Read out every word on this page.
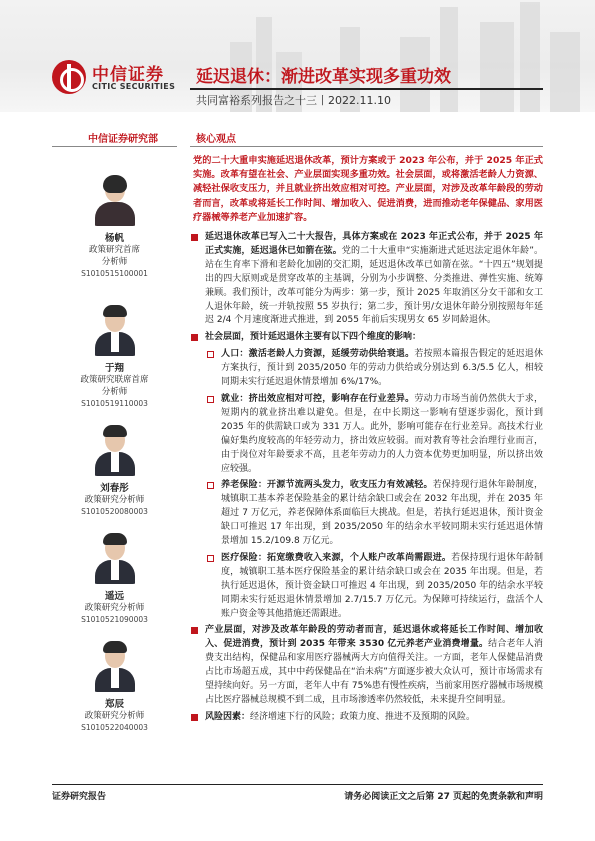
中信证券
CITIC SECURITIES 延迟退休：渐进改革实现多重功效
共同富裕系列报告之十三丨2022.11.10
中信证券研究部
杨帆
政策研究首席
分析师
S1010515100001
于翔
政策研究联席首席
分析师
S1010519110003
刘春彤
政策研究分析师
S1010520080003
遥远
政策研究分析师
S1010521090003
郑辰
政策研究分析师
S1010522040003
核心观点
党的二十大重申实施延迟退休改革，预计方案或于 2023 年公布，并于 2025 年正式实施。改革有望在社会、产业层面实现多重功效。社会层面，或将激活老龄人力资源、减轻社保收支压力，并且就业挤出效应相对可控。产业层面，对涉及改革年龄段的劳动者而言，改革或将延长工作时间、增加收入、促进消费，进而推动老年保健品、家用医疗器械等养老产业加速扩容。
延迟退休改革已写入二十大报告，具体方案或在 2023 年正式公布，并于 2025 年正式实施，延迟退休已如箭在弦。党的二十大重申“实施渐进式延迟法定退休年龄”。站在生育率下滑和老龄化加剧的交汇期，延迟退休改革已如箭在弦。“十四五”规划提出的四大原则或是贯穿改革的主基调，分别为小步调整、分类推进、弹性实施、统筹兼顾。我们预计，改革可能分为两步：第一步，预计 2025 年取消区分女干部和女工人退休年龄，统一并轨按照 55 岁执行；第二步，预计男/女退休年龄分别按照每年延迟 2/4 个月速度渐进式推进，到 2055 年前后实现男女 65 岁同龄退休。
社会层面，预计延迟退休主要有以下四个维度的影响：
人口：激活老龄人力资源，延缓劳动供给衰退。若按照本篇报告假定的延迟退休方案执行，预计到 2035/2050 年的劳动力供给或分别达到 6.3/5.5 亿人，相较同期未实行延迟退休情景增加 6%/17%。
就业：挤出效应相对可控，影响存在行业差异。劳动力市场当前仍然供大于求，短期内的就业挤出难以避免。但是，在中长期这一影响有望逐步弱化，预计到 2035 年的供需缺口或为 331 万人。此外，影响可能存在行业差异。高技术行业偏好集约度较高的年轻劳动力，挤出效应较弱。而对教育等社会治理行业而言，由于岗位对年龄要求不高，且老年劳动力的人力资本优势更加明显，所以挤出效应较强。
养老保险：开源节流两头发力，收支压力有效减轻。若保持现行退休年龄制度，城镇职工基本养老保险基金的累计结余缺口或会在 2032 年出现，并在 2035 年超过 7 万亿元，养老保障体系面临巨大挑战。但是，若执行延迟退休，预计资金缺口可推迟 17 年出现，到 2035/2050 年的结余水平较同期未实行延迟退休情景增加 15.2/109.8 万亿元。
医疗保险：拓宽缴费收入来源，个人账户改革尚需跟进。若保持现行退休年龄制度，城镇职工基本医疗保险基金的累计结余缺口或会在 2035 年出现。但是，若执行延迟退休，预计资金缺口可推迟 4 年出现，到 2035/2050 年的结余水平较同期未实行延迟退休情景增加 2.7/15.7 万亿元。为保障可持续运行，盘活个人账户资金等其他措施还需跟进。
产业层面，对涉及改革年龄段的劳动者而言，延迟退休或将延长工作时间、增加收入、促进消费，预计到 2035 年带来 3530 亿元养老产业消费增量。结合老年人消费支出结构，保健品和家用医疗器械两大方向值得关注。一方面，老年人保健品消费占比市场超五成，其中中药保健品在“治未病”方面逐步被大众认可，预计市场需求有望持续向好。另一方面，老年人中有 75%患有慢性疾病，当前家用医疗器械市场规模占比医疗器械总规模不到二成，且市场渗透率仍然较低，未来提升空间明显。
风险因素：经济增速下行的风险；政策力度、推进不及预期的风险。
证券研究报告	请务必阅读正文之后第 27 页起的免责条款和声明
